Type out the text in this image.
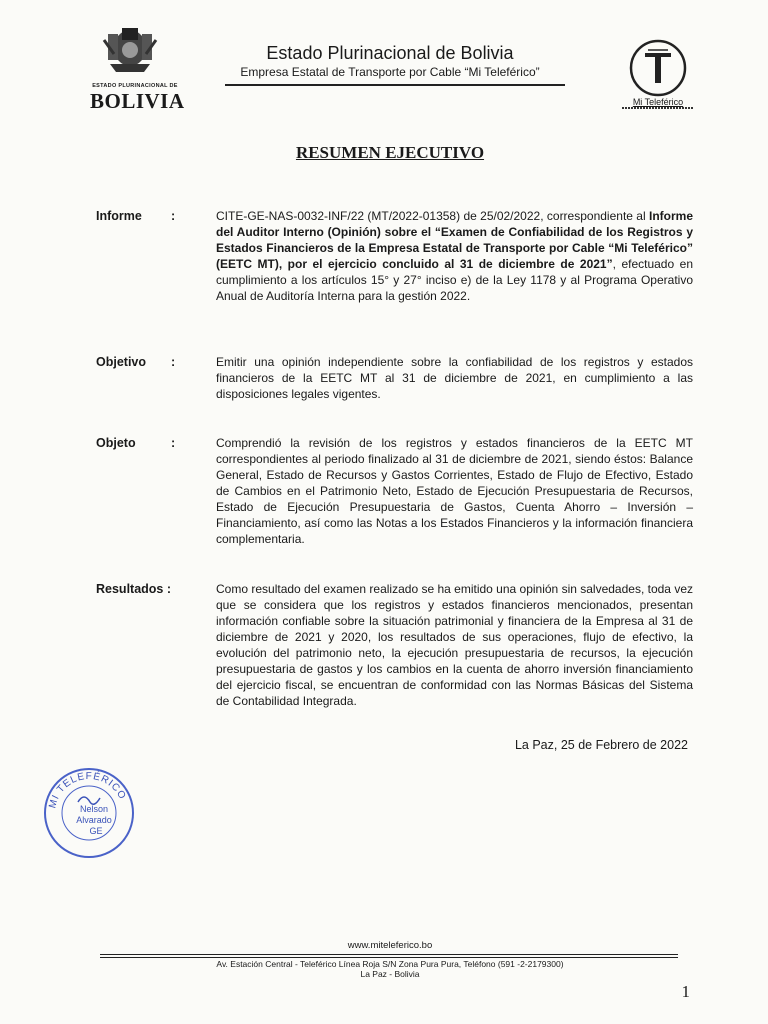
ESTADO PLURINACIONAL DE
BOLIVIA
Estado Plurinacional de Bolivia
Empresa Estatal de Transporte por Cable “Mi Teleférico”
Mi Teleférico
RESUMEN EJECUTIVO
Informe :	CITE-GE-NAS-0032-INF/22 (MT/2022-01358) de 25/02/2022, correspondiente al Informe del Auditor Interno (Opinión) sobre el “Examen de Confiabilidad de los Registros y Estados Financieros de la Empresa Estatal de Transporte por Cable “Mi Teleférico” (EETC MT), por el ejercicio concluido al 31 de diciembre de 2021”, efectuado en cumplimiento a los artículos 15° y 27° inciso e) de la Ley 1178 y al Programa Operativo Anual de Auditoría Interna para la gestión 2022.
Objetivo :	Emitir una opinión independiente sobre la confiabilidad de los registros y estados financieros de la EETC MT al 31 de diciembre de 2021, en cumplimiento a las disposiciones legales vigentes.
Objeto	:	Comprendió la revisión de los registros y estados financieros de la EETC MT correspondientes al periodo finalizado al 31 de diciembre de 2021, siendo éstos: Balance General, Estado de Recursos y Gastos Corrientes, Estado de Flujo de Efectivo, Estado de Cambios en el Patrimonio Neto, Estado de Ejecución Presupuestaria de Recursos, Estado de Ejecución Presupuestaria de Gastos, Cuenta Ahorro – Inversión – Financiamiento, así como las Notas a los Estados Financieros y la información financiera complementaria.
Resultados :	Como resultado del examen realizado se ha emitido una opinión sin salvedades, toda vez que se considera que los registros y estados financieros mencionados, presentan información confiable sobre la situación patrimonial y financiera de la Empresa al 31 de diciembre de 2021 y 2020, los resultados de sus operaciones, flujo de efectivo, la evolución del patrimonio neto, la ejecución presupuestaria de recursos, la ejecución presupuestaria de gastos y los cambios en la cuenta de ahorro inversión financiamiento del ejercicio fiscal, se encuentran de conformidad con las Normas Básicas del Sistema de Contabilidad Integrada.
La Paz, 25 de Febrero de 2022
MI TELEFÉRICO
Nelson
Alvarado
GE
www.miteleferico.bo
Av. Estación Central - Teleférico Línea Roja S/N Zona Pura Pura, Teléfono (591 -2-2179300)
La Paz - Bolivia
1
